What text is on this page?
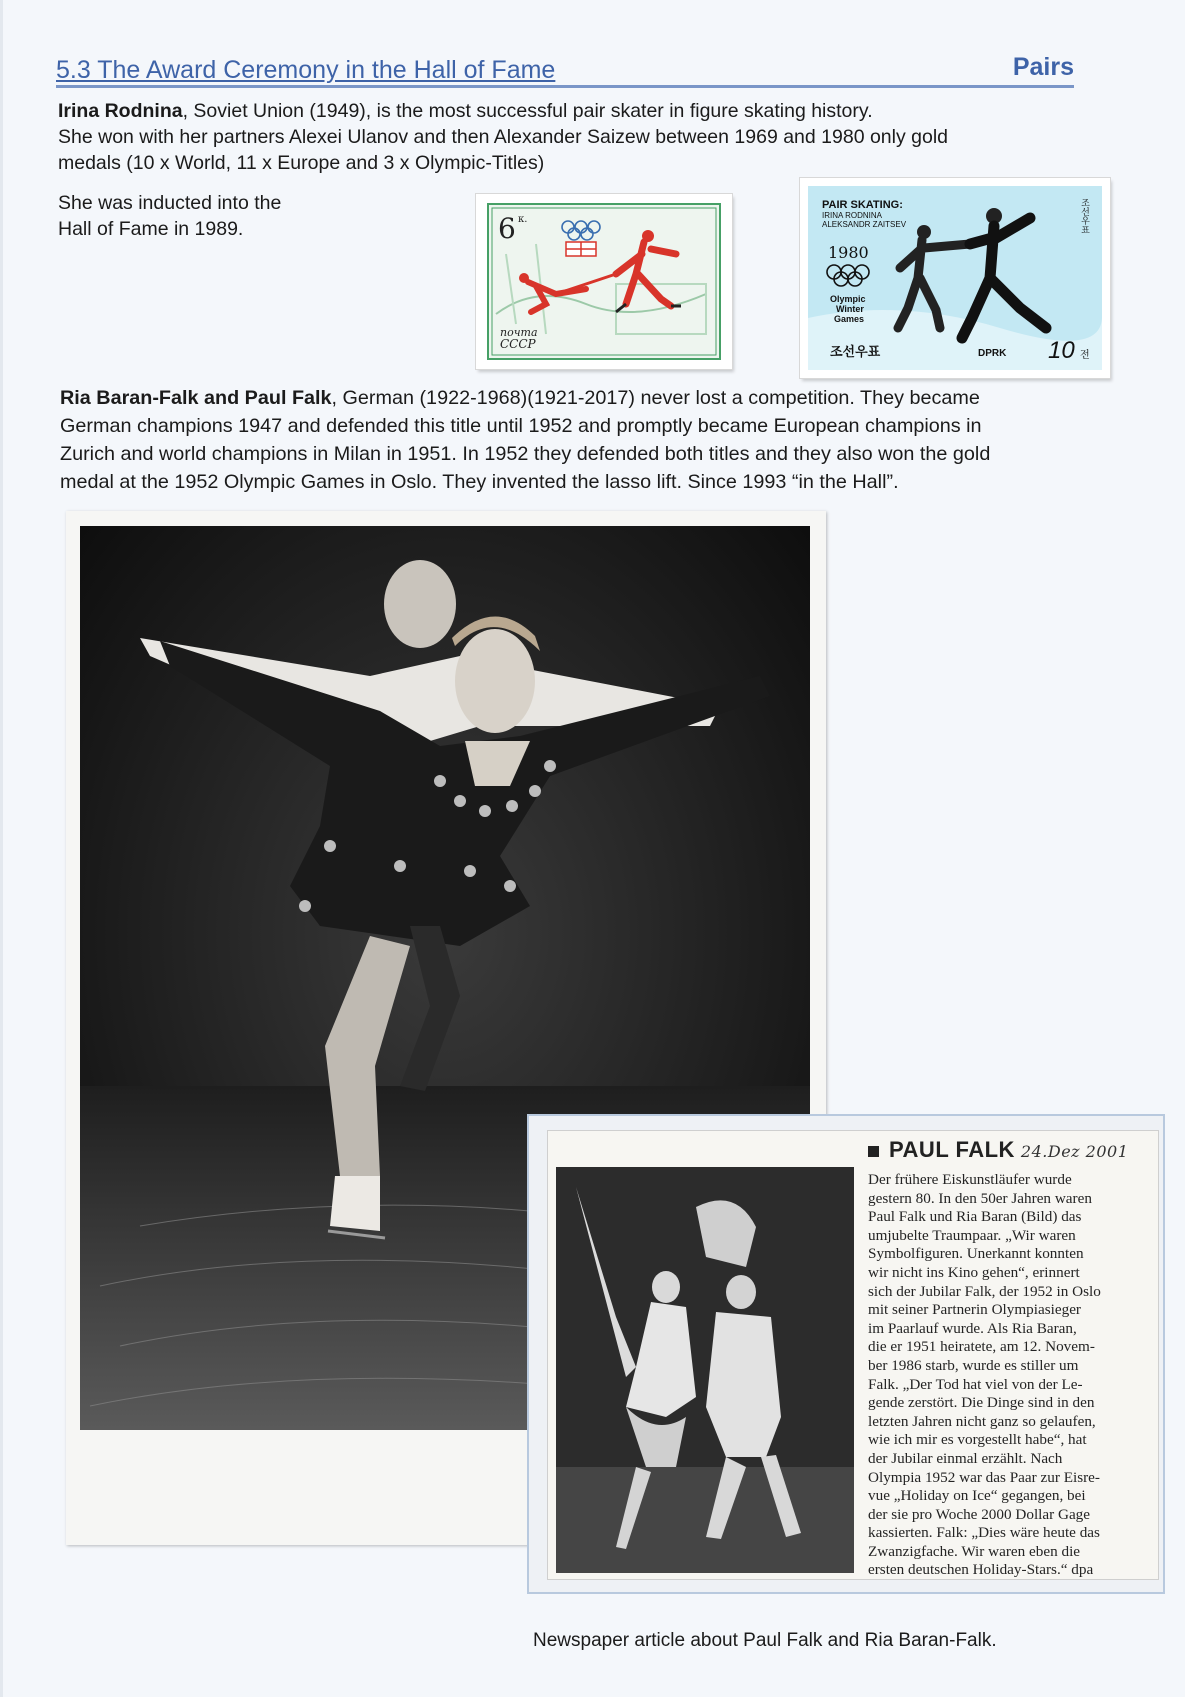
5.3 The Award Ceremony in the Hall of Fame	Pairs
Irina Rodnina, Soviet Union (1949), is the most successful pair skater in figure skating history.
She won with her partners Alexei Ulanov and then Alexander Saizew between 1969 and 1980 only gold
medals (10 x World, 11 x Europe and 3 x Olympic-Titles)
She was inducted into the
Hall of Fame in 1989.	6 к.
почта
СССР
PAIR SKATING:
IRINA RODNINA
ALEKSANDR ZAITSEV
1980
Olympic
Winter
Games
조선우표
조선우표	DPRK 10 전
Ria Baran-Falk and Paul Falk, German (1922-1968)(1921-2017) never lost a competition. They became
German champions 1947 and defended this title until 1952 and promptly became European champions in
Zurich and world champions in Milan in 1951. In 1952 they defended both titles and they also won the gold
medal at the 1952 Olympic Games in Oslo. They invented the lasso lift. Since 1993 “in the Hall”.
PAUL FALK 24.Dez 2001
Der frühere Eiskunstläufer wurde
gestern 80. In den 50er Jahren waren
Paul Falk und Ria Baran (Bild) das
umjubelte Traumpaar. „Wir waren
Symbolfiguren. Unerkannt konnten
wir nicht ins Kino gehen“, erinnert
sich der Jubilar Falk, der 1952 in Oslo
mit seiner Partnerin Olympiasieger
im Paarlauf wurde. Als Ria Baran,
die er 1951 heiratete, am 12. Novem-
ber 1986 starb, wurde es stiller um
Falk. „Der Tod hat viel von der Le-
gende zerstört. Die Dinge sind in den
letzten Jahren nicht ganz so gelaufen,
wie ich mir es vorgestellt habe“, hat
der Jubilar einmal erzählt. Nach
Olympia 1952 war das Paar zur Eisre-
vue „Holiday on Ice“ gegangen, bei
der sie pro Woche 2000 Dollar Gage
kassierten. Falk: „Dies wäre heute das
Zwanzigfache. Wir waren eben die
ersten deutschen Holiday-Stars.“ dpa
Newspaper article about Paul Falk and Ria Baran-Falk.
